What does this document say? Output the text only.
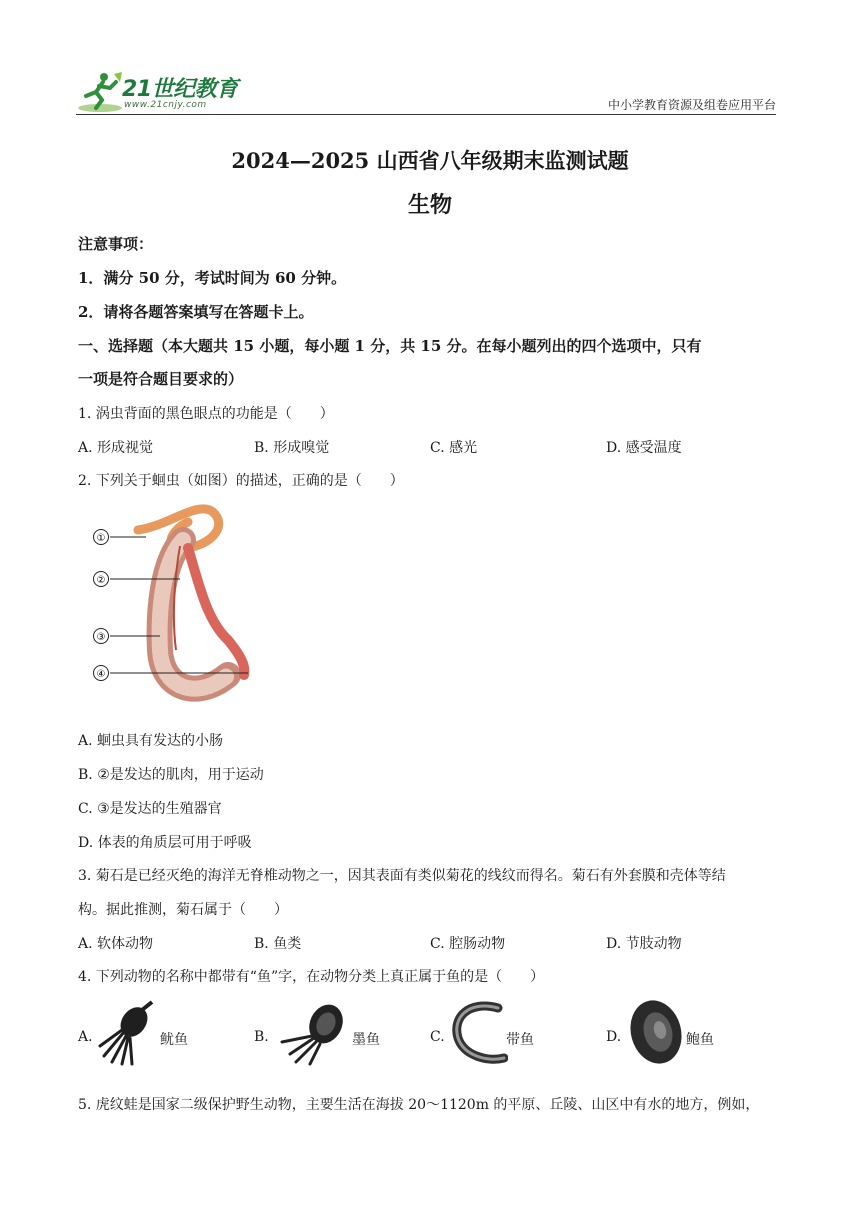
21世纪教育
www.21cnjy.com	中小学教育资源及组卷应用平台
2024—2025 山西省八年级期末监测试题
生物
注意事项：
1．满分 50 分，考试时间为 60 分钟。
2．请将各题答案填写在答题卡上。
一、选择题（本大题共 15 小题，每小题 1 分，共 15 分。在每小题列出的四个选项中，只有
一项是符合题目要求的）
1. 涡虫背面的黑色眼点的功能是（　　）
A. 形成视觉	B. 形成嗅觉	C. 感光	D. 感受温度
2. 下列关于蛔虫（如图）的描述，正确的是（　　）
①
②
③
④
A. 蛔虫具有发达的小肠
B. ②是发达的肌肉，用于运动
C. ③是发达的生殖器官
D. 体表的角质层可用于呼吸
3. 菊石是已经灭绝的海洋无脊椎动物之一，因其表面有类似菊花的线纹而得名。菊石有外套膜和壳体等结
构。据此推测，菊石属于（　　）
A. 软体动物	B. 鱼类	C. 腔肠动物	D. 节肢动物
4. 下列动物的名称中都带有“鱼”字，在动物分类上真正属于鱼的是（　　）
A.	鱿鱼	B.	墨鱼	C.	带鱼	D.	鲍鱼
5. 虎纹蛙是国家二级保护野生动物，主要生活在海拔 20～1120m 的平原、丘陵、山区中有水的地方，例如，
